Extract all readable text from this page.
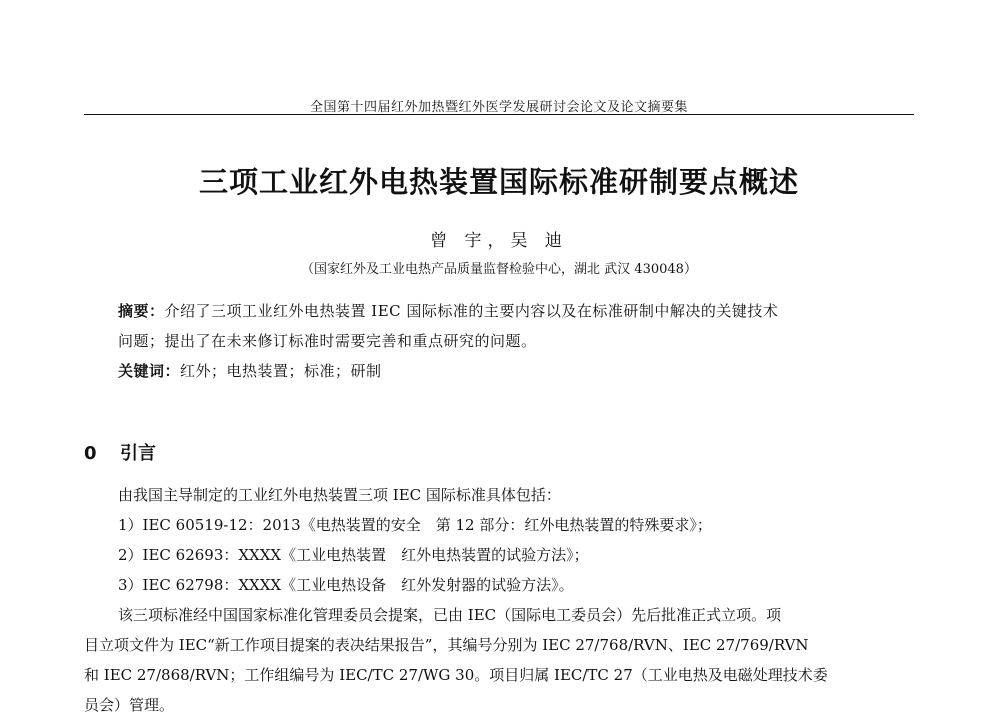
全国第十四届红外加热暨红外医学发展研讨会论文及论文摘要集
三项工业红外电热装置国际标准研制要点概述
曾 宇，吴 迪
（国家红外及工业电热产品质量监督检验中心，湖北 武汉 430048）
摘要：介绍了三项工业红外电热装置 IEC 国际标准的主要内容以及在标准研制中解决的关键技术
问题；提出了在未来修订标准时需要完善和重点研究的问题。
关键词：红外；电热装置；标准；研制
0 引言

由我国主导制定的工业红外电热装置三项 IEC 国际标准具体包括：

1）IEC 60519-12：2013《电热装置的安全　第 12 部分：红外电热装置的特殊要求》；

2）IEC 62693：XXXX《工业电热装置　红外电热装置的试验方法》；

3）IEC 62798：XXXX《工业电热设备　红外发射器的试验方法》。

该三项标准经中国国家标准化管理委员会提案，已由 IEC（国际电工委员会）先后批准正式立项。项

目立项文件为 IEC“新工作项目提案的表决结果报告”，其编号分别为 IEC 27/768/RVN、IEC 27/769/RVN

和 IEC 27/868/RVN；工作组编号为 IEC/TC 27/WG 30。项目归属 IEC/TC 27（工业电热及电磁处理技术委

员会）管理。
